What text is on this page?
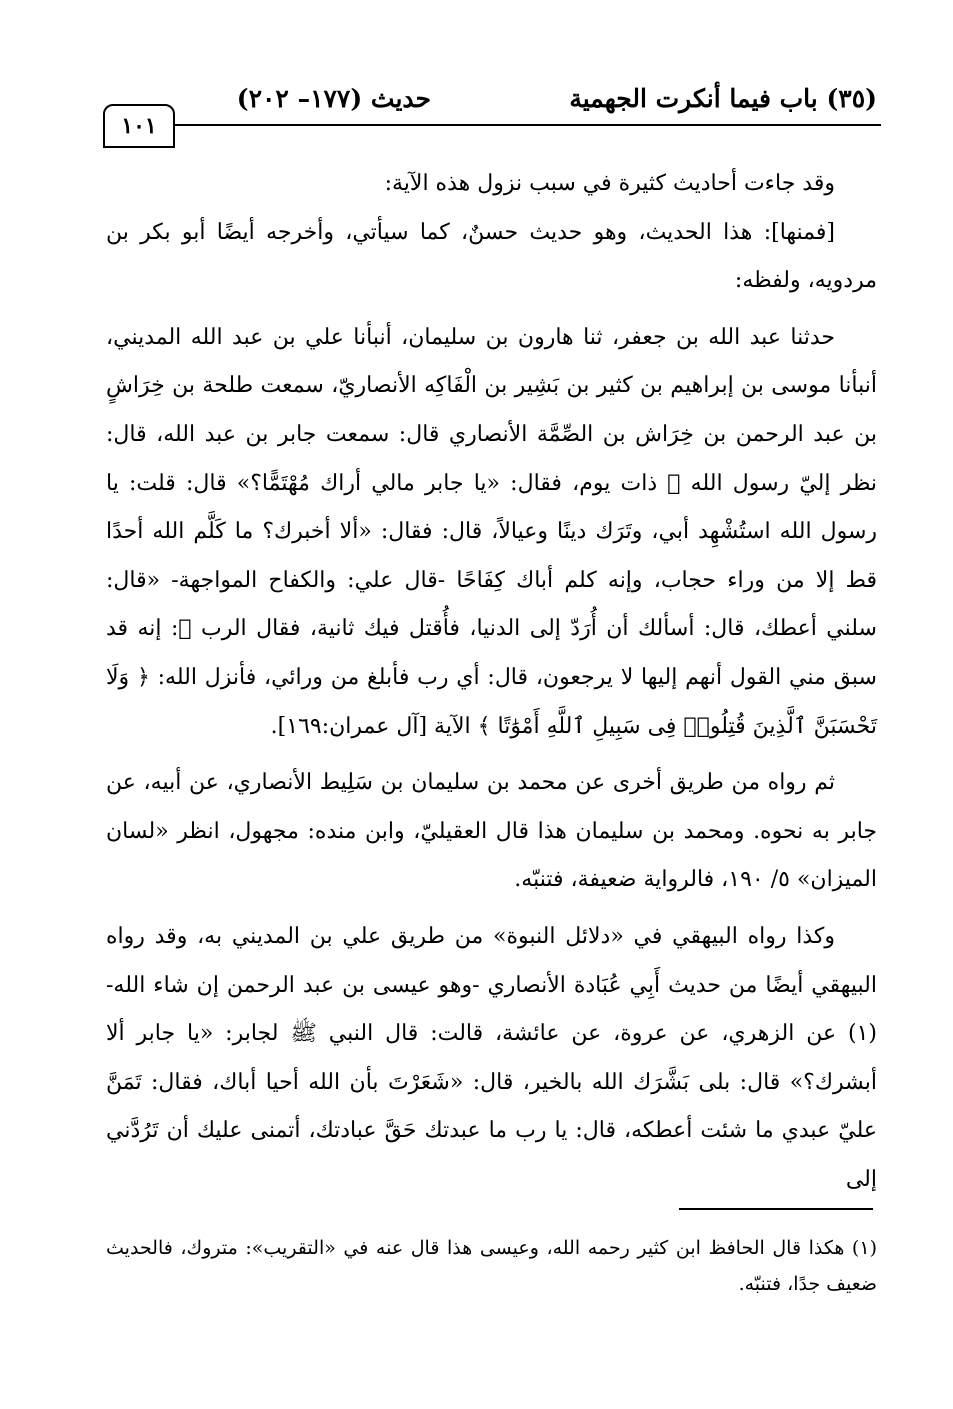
(٣٥) باب فيما أنكرت الجهمية
حديث (١٧٧– ٢٠٢)
١٠١

وقد جاءت أحاديث كثيرة في سبب نزول هذه الآية:

[فمنها]: هذا الحديث، وهو حديث حسنٌ، كما سيأتي، وأخرجه أيضًا أبو بكر بن مردويه، ولفظه:

حدثنا عبد الله بن جعفر، ثنا هارون بن سليمان، أنبأنا علي بن عبد الله المديني، أنبأنا موسى بن إبراهيم بن كثير بن بَشِير بن الْفَاكِه الأنصاريّ، سمعت طلحة بن خِرَاشٍ بن عبد الرحمن بن خِرَاش بن الصِّمَّة الأنصاري قال: سمعت جابر بن عبد الله، قال: نظر إليّ رسول الله ﷺ ذات يوم، فقال: «يا جابر مالي أراك مُهْتَمًّا؟» قال: قلت: يا رسول الله استُشْهِد أبي، وتَرَك دينًا وعيالاً، قال: فقال: «ألا أخبرك؟ ما كَلَّم الله أحدًا قط إلا من وراء حجاب، وإنه كلم أباك كِفَاحًا -قال علي: والكفاح المواجهة- «قال: سلني أعطك، قال: أسألك أن أُرَدّ إلى الدنيا، فأُقتل فيك ثانية، فقال الرب ﷻ: إنه قد سبق مني القول أنهم إليها لا يرجعون، قال: أي رب فأبلغ من ورائي، فأنزل الله: ﴿ وَلَا تَحْسَبَنَّ ٱلَّذِينَ قُتِلُوا۟ فِى سَبِيلِ ٱللَّهِ أَمْوَٰتًا ﴾ الآية [آل عمران:١٦٩].

ثم رواه من طريق أخرى عن محمد بن سليمان بن سَلِيط الأنصاري، عن أبيه، عن جابر به نحوه. ومحمد بن سليمان هذا قال العقيليّ، وابن منده: مجهول، انظر «لسان الميزان» ٥/ ١٩٠، فالرواية ضعيفة، فتنبّه.

وكذا رواه البيهقي في «دلائل النبوة» من طريق علي بن المديني به، وقد رواه البيهقي أيضًا من حديث أَبِي عُبَادة الأنصاري -وهو عيسى بن عبد الرحمن إن شاء الله- (١) عن الزهري، عن عروة، عن عائشة، قالت: قال النبي ﷺ لجابر: «يا جابر ألا أبشرك؟» قال: بلى بَشَّرَك الله بالخير، قال: «شَعَرْتَ بأن الله أحيا أباك، فقال: تَمَنَّ عليّ عبدي ما شئت أعطكه، قال: يا رب ما عبدتك حَقَّ عبادتك، أتمنى عليك أن تَرُدَّني إلى

(١) هكذا قال الحافظ ابن كثير رحمه الله، وعيسى هذا قال عنه في «التقريب»: متروك، فالحديث ضعيف جدًا، فتنبّه.
